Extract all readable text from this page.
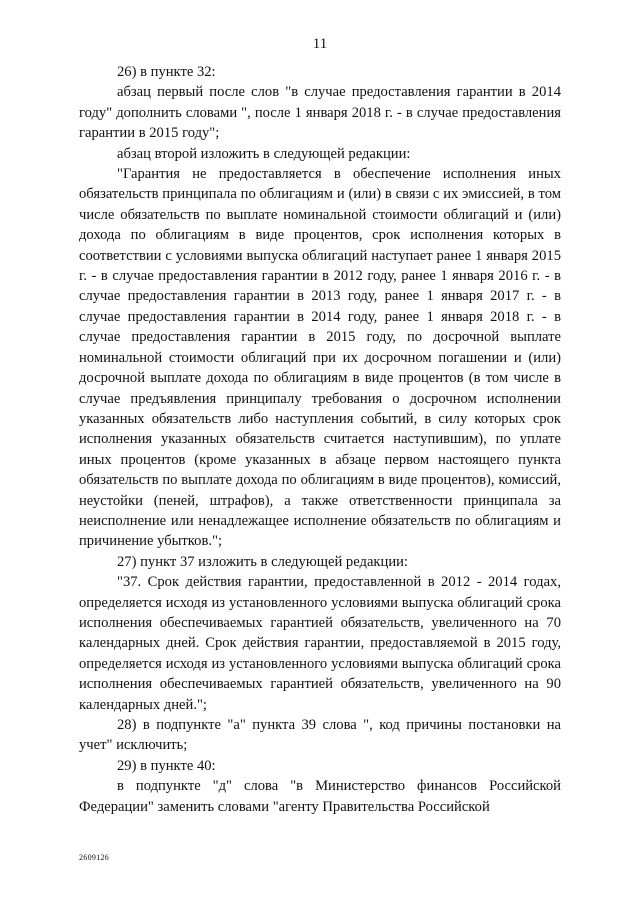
11

26) в пункте 32:

абзац первый после слов "в случае предоставления гарантии в 2014 году" дополнить словами ", после 1 января 2018 г. - в случае предоставления гарантии в 2015 году";

абзац второй изложить в следующей редакции:

"Гарантия не предоставляется в обеспечение исполнения иных обязательств принципала по облигациям и (или) в связи с их эмиссией, в том числе обязательств по выплате номинальной стоимости облигаций и (или) дохода по облигациям в виде процентов, срок исполнения которых в соответствии с условиями выпуска облигаций наступает ранее 1 января 2015 г. - в случае предоставления гарантии в 2012 году, ранее 1 января 2016 г. - в случае предоставления гарантии в 2013 году, ранее 1 января 2017 г. - в случае предоставления гарантии в 2014 году, ранее 1 января 2018 г. - в случае предоставления гарантии в 2015 году, по досрочной выплате номинальной стоимости облигаций при их досрочном погашении и (или) досрочной выплате дохода по облигациям в виде процентов (в том числе в случае предъявления принципалу требования о досрочном исполнении указанных обязательств либо наступления событий, в силу которых срок исполнения указанных обязательств считается наступившим), по уплате иных процентов (кроме указанных в абзаце первом настоящего пункта обязательств по выплате дохода по облигациям в виде процентов), комиссий, неустойки (пеней, штрафов), а также ответственности принципала за неисполнение или ненадлежащее исполнение обязательств по облигациям и причинение убытков.";

27) пункт 37 изложить в следующей редакции:

"37. Срок действия гарантии, предоставленной в 2012 - 2014 годах, определяется исходя из установленного условиями выпуска облигаций срока исполнения обеспечиваемых гарантией обязательств, увеличенного на 70 календарных дней. Срок действия гарантии, предоставляемой в 2015 году, определяется исходя из установленного условиями выпуска облигаций срока исполнения обеспечиваемых гарантией обязательств, увеличенного на 90 календарных дней.";

28) в подпункте "а" пункта 39 слова ", код причины постановки на учет" исключить;

29) в пункте 40:

в подпункте "д" слова "в Министерство финансов Российской Федерации" заменить словами "агенту Правительства Российской

2609126
